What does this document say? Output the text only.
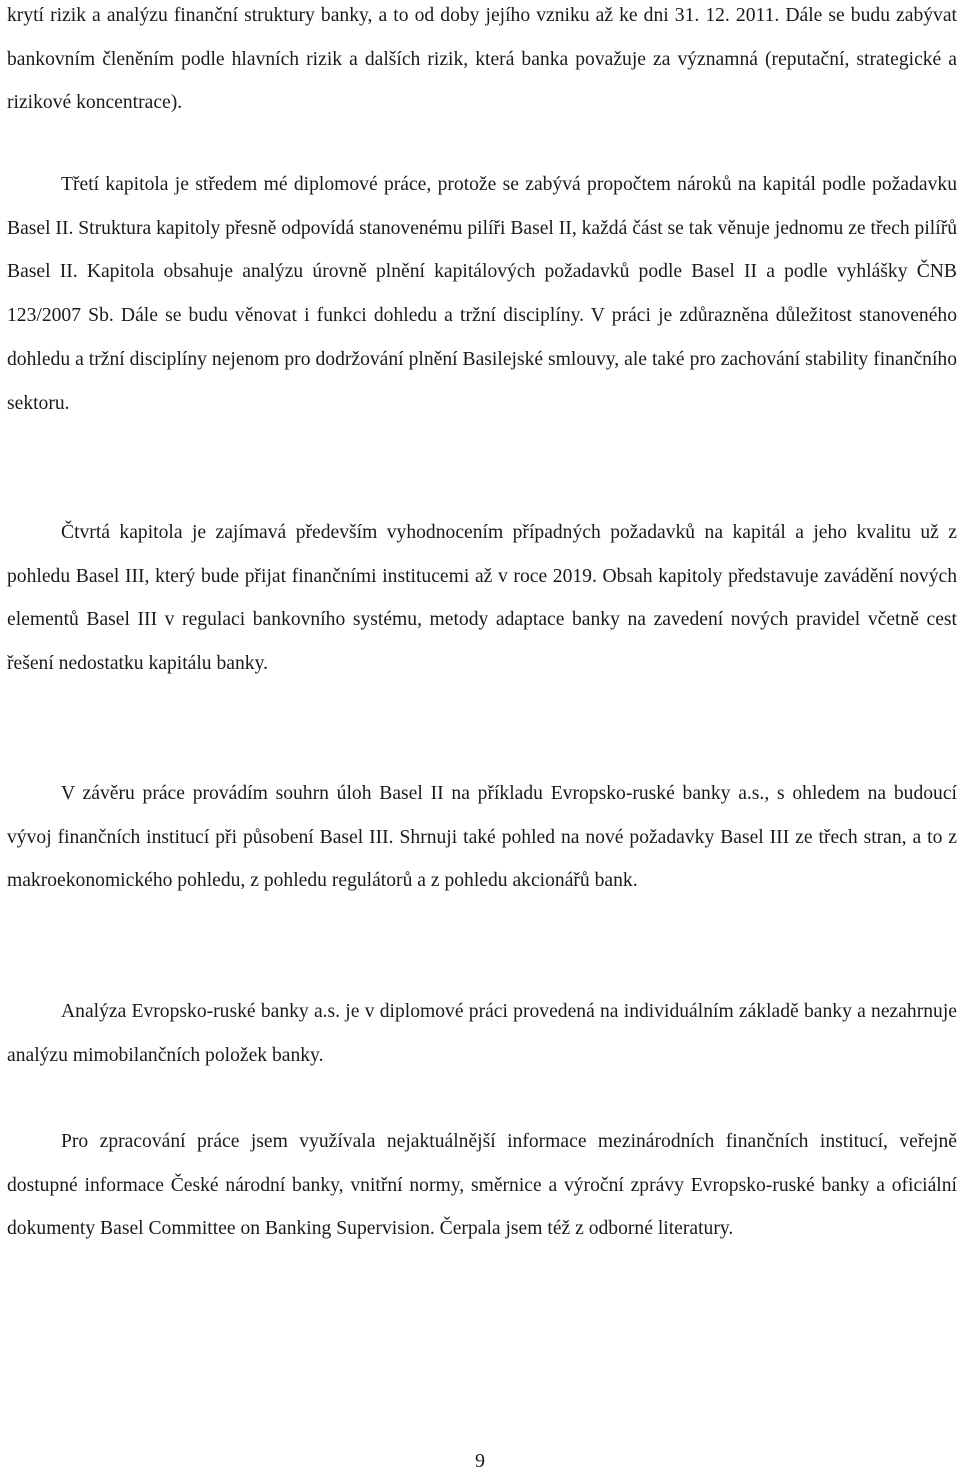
krytí rizik a analýzu finanční struktury banky, a to od doby jejího vzniku až ke dni 31. 12. 2011. Dále se budu zabývat bankovním členěním podle hlavních rizik a dalších rizik, která banka považuje za významná (reputační, strategické a rizikové koncentrace).

Třetí kapitola je středem mé diplomové práce, protože se zabývá propočtem nároků na kapitál podle požadavku Basel II. Struktura kapitoly přesně odpovídá stanovenému pilíři Basel II, každá část se tak věnuje jednomu ze třech pilířů Basel II. Kapitola obsahuje analýzu úrovně plnění kapitálových požadavků podle Basel II a podle vyhlášky ČNB 123/2007 Sb. Dále se budu věnovat i funkci dohledu a tržní disciplíny. V práci je zdůrazněna důležitost stanoveného dohledu a tržní disciplíny nejenom pro dodržování plnění Basilejské smlouvy, ale také pro zachování stability finančního sektoru.

Čtvrtá kapitola je zajímavá především vyhodnocením případných požadavků na kapitál a jeho kvalitu už z pohledu Basel III, který bude přijat finančními institucemi až v roce 2019. Obsah kapitoly představuje zavádění nových elementů Basel III v regulaci bankovního systému, metody adaptace banky na zavedení nových pravidel včetně cest řešení nedostatku kapitálu banky.

V závěru práce provádím souhrn úloh Basel II na příkladu Evropsko-ruské banky a.s., s ohledem na budoucí vývoj finančních institucí při působení Basel III. Shrnuji také pohled na nové požadavky Basel III ze třech stran, a to z makroekonomického pohledu, z pohledu regulátorů a z pohledu akcionářů bank.

Analýza Evropsko-ruské banky a.s. je v diplomové práci provedená na individuálním základě banky a nezahrnuje analýzu mimobilančních položek banky.

Pro zpracování práce jsem využívala nejaktuálnější informace mezinárodních finančních institucí, veřejně dostupné informace České národní banky, vnitřní normy, směrnice a výroční zprávy Evropsko-ruské banky a oficiální dokumenty Basel Committee on Banking Supervision. Čerpala jsem též z odborné literatury.

9
